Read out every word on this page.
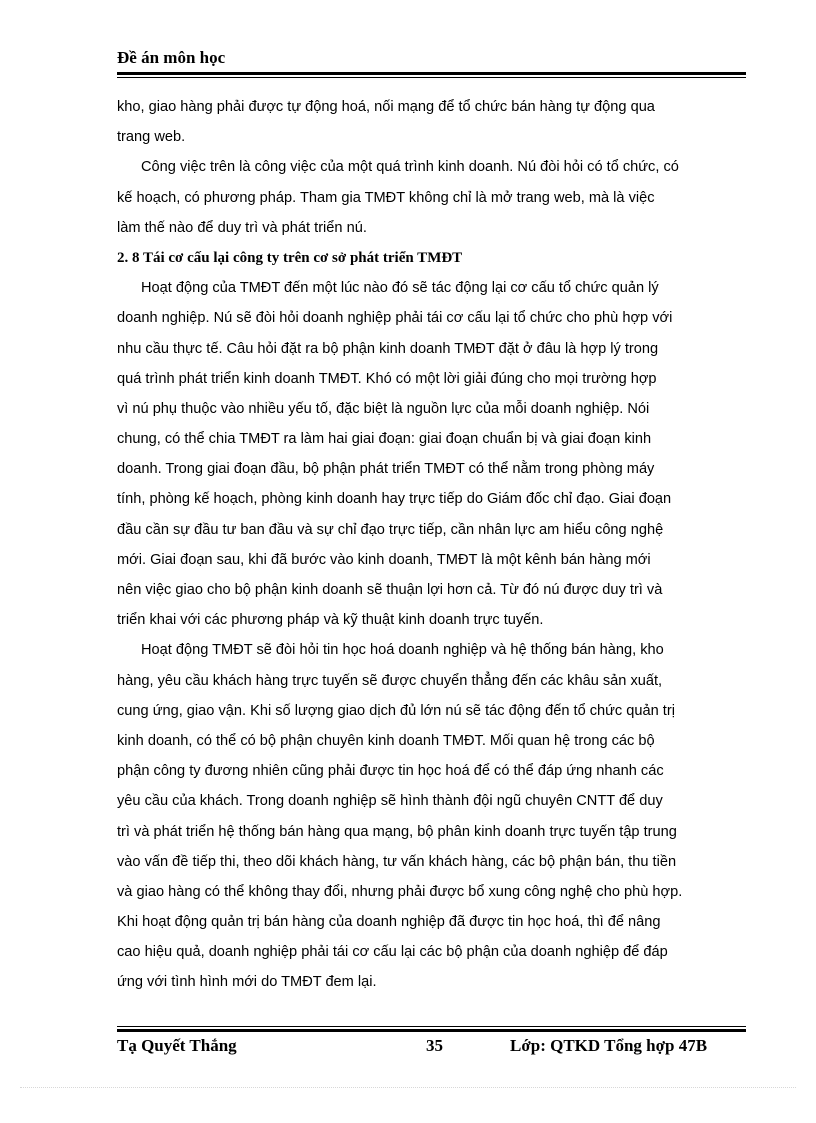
Đề án môn học
kho, giao hàng phải được tự động hoá, nối mạng để tổ chức bán hàng tự động qua
trang web.
Công việc trên là công việc của một quá trình kinh doanh. Nú đòi hỏi có tổ chức, có
kế hoạch, có phương pháp. Tham gia TMĐT không chỉ là mở trang web, mà là việc
làm thế nào để duy trì và phát triển nú.
2. 8 Tái cơ cấu lại công ty trên cơ sở phát triển TMĐT
Hoạt động của TMĐT đến một lúc nào đó sẽ tác động lại cơ cấu tổ chức quản lý
doanh nghiệp. Nú sẽ đòi hỏi doanh nghiệp phải tái cơ cấu lại tổ chức cho phù hợp với
nhu cầu thực tế. Câu hỏi đặt ra bộ phận kinh doanh TMĐT đặt ở đâu là hợp lý trong
quá trình phát triển kinh doanh TMĐT. Khó có một lời giải đúng cho mọi trường hợp
vì nú phụ thuộc vào nhiều yếu tố, đặc biệt là nguồn lực của mỗi doanh nghiệp. Nói
chung, có thể chia TMĐT ra làm hai giai đoạn: giai đoạn chuẩn bị và giai đoạn kinh
doanh. Trong giai đoạn đầu, bộ phận phát triển TMĐT có thể nằm trong phòng máy
tính, phòng kế hoạch, phòng kinh doanh hay trực tiếp do Giám đốc chỉ đạo. Giai đoạn
đầu cần sự đầu tư ban đầu và sự chỉ đạo trực tiếp, cần nhân lực am hiểu công nghệ
mới. Giai đoạn sau, khi đã bước vào kinh doanh, TMĐT là một kênh bán hàng mới
nên việc giao cho bộ phận kinh doanh sẽ thuận lợi hơn cả. Từ đó nú được duy trì và
triển khai với các phương pháp và kỹ thuật kinh doanh trực tuyến.
Hoạt động TMĐT sẽ đòi hỏi tin học hoá doanh nghiệp và hệ thống bán hàng, kho
hàng, yêu cầu khách hàng trực tuyến sẽ được chuyển thẳng đến các khâu sản xuất,
cung ứng, giao vận. Khi số lượng giao dịch đủ lớn nú sẽ tác động đến tổ chức quản trị
kinh doanh, có thể có bộ phận chuyên kinh doanh TMĐT. Mối quan hệ trong các bộ
phận công ty đương nhiên cũng phải được tin học hoá để có thể đáp ứng nhanh các
yêu cầu của khách. Trong doanh nghiệp sẽ hình thành đội ngũ chuyên CNTT để duy
trì và phát triển hệ thống bán hàng qua mạng, bộ phân kinh doanh trực tuyến tập trung
vào vấn đề tiếp thi, theo dõi khách hàng, tư vấn khách hàng, các bộ phận bán, thu tiền
và giao hàng có thể không thay đổi, nhưng phải được bổ xung công nghệ cho phù hợp.
Khi hoạt động quản trị bán hàng của doanh nghiệp đã được tin học hoá, thì để nâng
cao hiệu quả, doanh nghiệp phải tái cơ cấu lại các bộ phận của doanh nghiệp để đáp
ứng với tình hình mới do TMĐT đem lại.
Tạ Quyết Thắng	35	Lớp: QTKD Tổng hợp 47B
